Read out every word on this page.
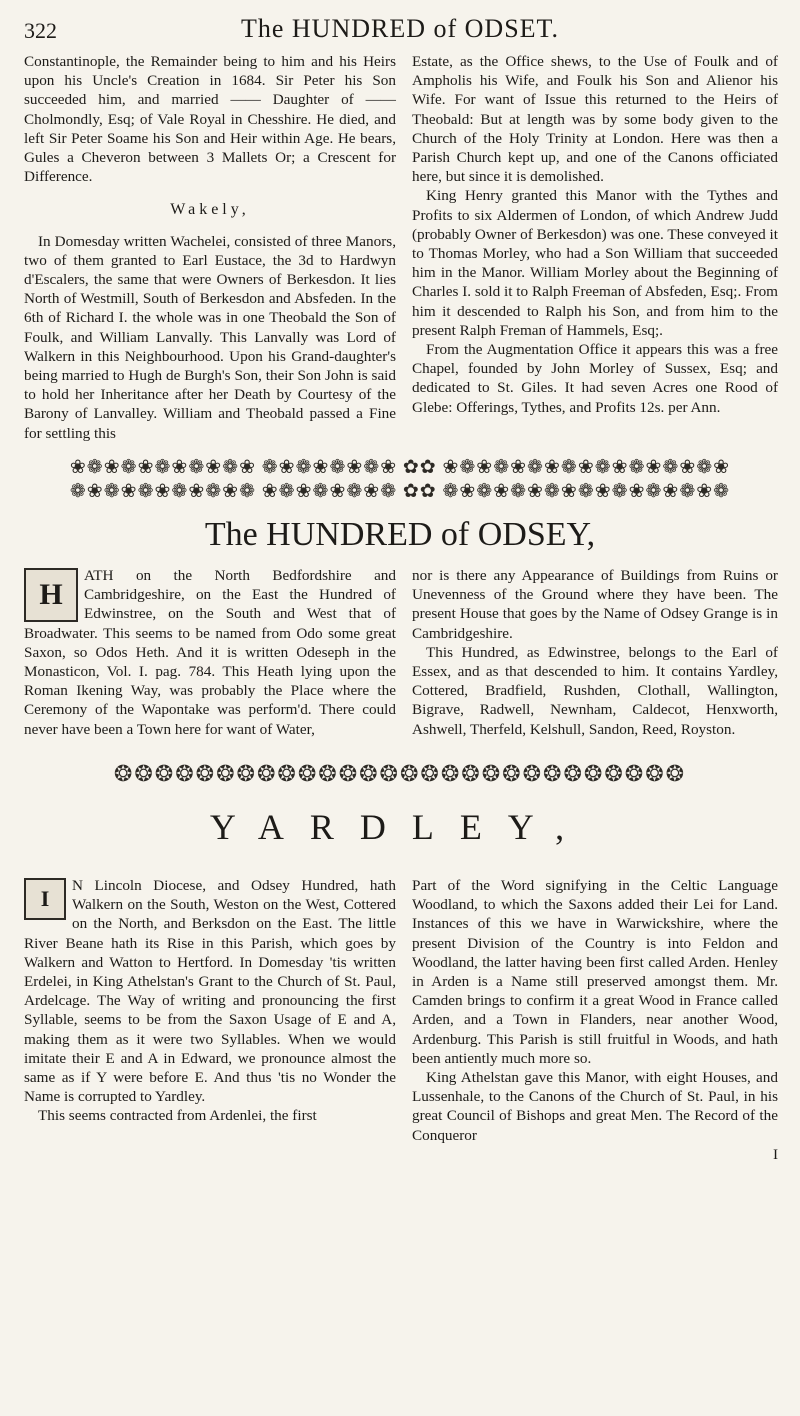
322	The HUNDRED of ODSET.

Constantinople, the Remainder being to him and his Heirs upon his Uncle's Creation in 1684. Sir Peter his Son succeeded him, and married —— Daughter of —— Cholmondly, Esq; of Vale Royal in Chesshire. He died, and left Sir Peter Soame his Son and Heir within Age. He bears, Gules a Cheveron between 3 Mallets Or; a Crescent for Difference.

Wakely,

In Domesday written Wachelei, consisted of three Manors, two of them granted to Earl Eustace, the 3d to Hardwyn d'Escalers, the same that were Owners of Berkesdon. It lies North of Westmill, South of Berkesdon and Absfeden. In the 6th of Richard I. the whole was in one Theobald the Son of Foulk, and William Lanvally. This Lanvally was Lord of Walkern in this Neighbourhood. Upon his Grand-daughter's being married to Hugh de Burgh's Son, their Son John is said to hold her Inheritance after her Death by Courtesy of the Barony of Lanvalley. William and Theobald passed a Fine for settling this

Estate, as the Office shews, to the Use of Foulk and of Ampholis his Wife, and Foulk his Son and Alienor his Wife. For want of Issue this returned to the Heirs of Theobald: But at length was by some body given to the Church of the Holy Trinity at London. Here was then a Parish Church kept up, and one of the Canons officiated here, but since it is demolished.

King Henry granted this Manor with the Tythes and Profits to six Aldermen of London, of which Andrew Judd (probably Owner of Berkesdon) was one. These conveyed it to Thomas Morley, who had a Son William that succeeded him in the Manor. William Morley about the Beginning of Charles I. sold it to Ralph Freeman of Absfeden, Esq;. From him it descended to Ralph his Son, and from him to the present Ralph Freman of Hammels, Esq;.

From the Augmentation Office it appears this was a free Chapel, founded by John Morley of Sussex, Esq; and dedicated to St. Giles. It had seven Acres one Rood of Glebe: Offerings, Tythes, and Profits 12s. per Ann.

❀❁❀❁❀❁❀❁❀❁❀ ❁❀❁❀❁❀❁❀ ✿✿ ❀❁❀❁❀❁❀❁❀❁❀❁❀❁❀❁❀
❁❀❁❀❁❀❁❀❁❀❁ ❀❁❀❁❀❁❀❁ ✿✿ ❁❀❁❀❁❀❁❀❁❀❁❀❁❀❁❀❁
The HUNDRED of ODSEY,

H
ATH on the North Bedfordshire and Cambridgeshire, on the East the Hundred of Edwinstree, on the South and West that of Broadwater. This seems to be named from Odo some great Saxon, so Odos Heth. And it is written Odeseph in the Monasticon, Vol. I. pag. 784. This Heath lying upon the Roman Ikening Way, was probably the Place where the Ceremony of the Wapontake was perform'd. There could never have been a Town here for want of Water,

nor is there any Appearance of Buildings from Ruins or Unevenness of the Ground where they have been. The present House that goes by the Name of Odsey Grange is in Cambridgeshire.

This Hundred, as Edwinstree, belongs to the Earl of Essex, and as that descended to him. It contains Yardley, Cottered, Bradfield, Rushden, Clothall, Wallington, Bigrave, Radwell, Newnham, Caldecot, Henxworth, Ashwell, Therfeld, Kelshull, Sandon, Reed, Royston.

❂❂❂❂❂❂❂❂❂❂❂❂❂❂❂❂❂❂❂❂❂❂❂❂❂❂❂❂
YARDLEY,

I
N Lincoln Diocese, and Odsey Hundred, hath Walkern on the South, Weston on the West, Cottered on the North, and Berksdon on the East. The little River Beane hath its Rise in this Parish, which goes by Walkern and Watton to Hertford. In Domesday 'tis written Erdelei, in King Athelstan's Grant to the Church of St. Paul, Ardelcage. The Way of writing and pronouncing the first Syllable, seems to be from the Saxon Usage of E and A, making them as it were two Syllables. When we would imitate their E and A in Edward, we pronounce almost the same as if Y were before E. And thus 'tis no Wonder the Name is corrupted to Yardley.

This seems contracted from Ardenlei, the first

Part of the Word signifying in the Celtic Language Woodland, to which the Saxons added their Lei for Land. Instances of this we have in Warwickshire, where the present Division of the Country is into Feldon and Woodland, the latter having been first called Arden. Henley in Arden is a Name still preserved amongst them. Mr. Camden brings to confirm it a great Wood in France called Arden, and a Town in Flanders, near another Wood, Ardenburg. This Parish is still fruitful in Woods, and hath been antiently much more so.

King Athelstan gave this Manor, with eight Houses, and Lussenhale, to the Canons of the Church of St. Paul, in his great Council of Bishops and great Men. The Record of the Conqueror

I
